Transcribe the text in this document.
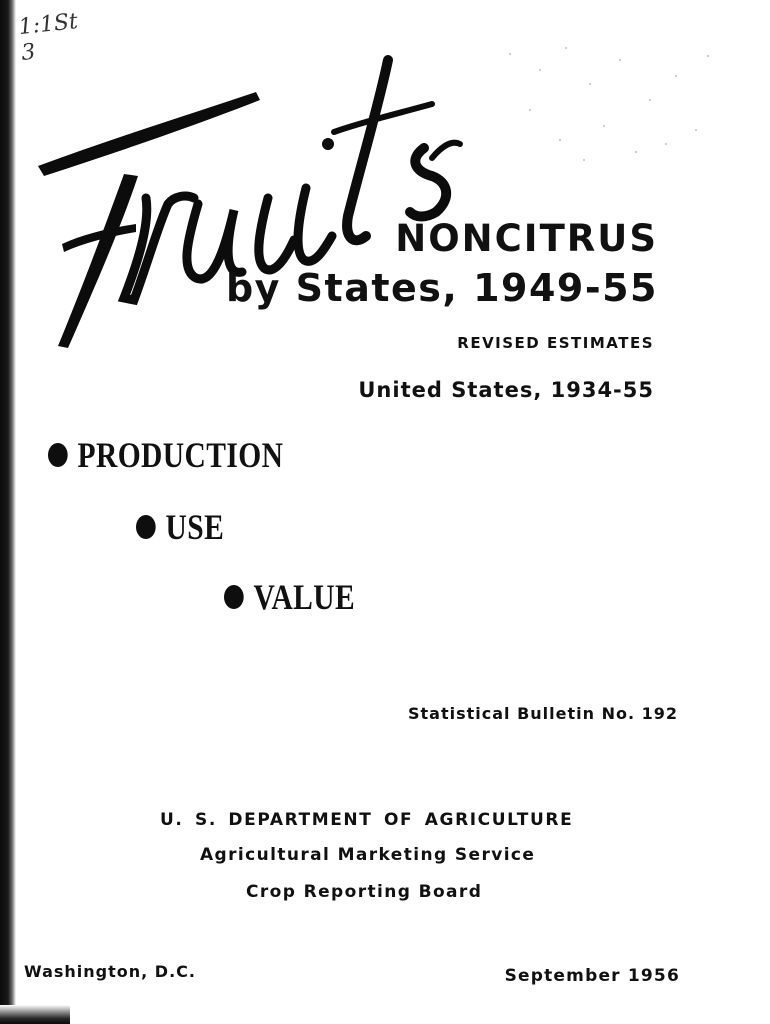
1:1St
3
NONCITRUS
by States, 1949-55
REVISED ESTIMATES
United States, 1934-55
PRODUCTION
USE
VALUE
Statistical Bulletin No. 192
U. S. DEPARTMENT OF AGRICULTURE
Agricultural Marketing Service
Crop Reporting Board
Washington, D.C.	September 1956
